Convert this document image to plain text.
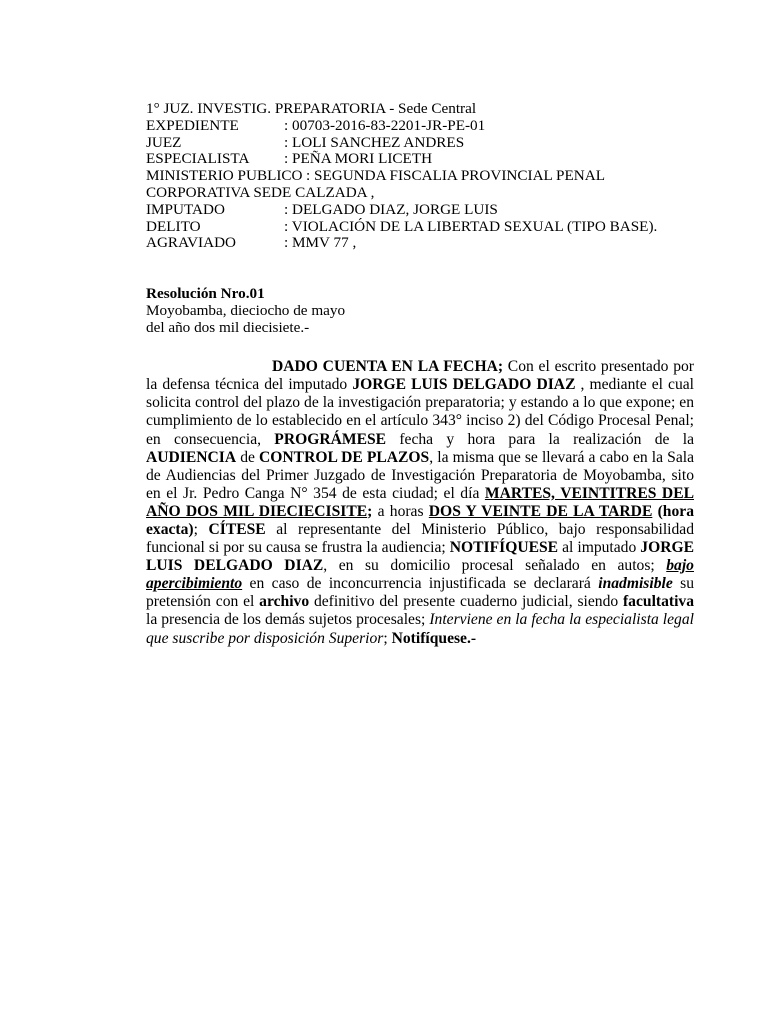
1° JUZ. INVESTIG. PREPARATORIA - Sede Central
EXPEDIENTE	: 00703-2016-83-2201-JR-PE-01
JUEZ	: LOLI SANCHEZ ANDRES
ESPECIALISTA	: PEÑA MORI LICETH
MINISTERIO PUBLICO : SEGUNDA FISCALIA PROVINCIAL PENAL CORPORATIVA SEDE CALZADA ,
IMPUTADO	: DELGADO DIAZ, JORGE LUIS
DELITO	: VIOLACIÓN DE LA LIBERTAD SEXUAL (TIPO BASE).
AGRAVIADO	: MMV 77 ,
Resolución Nro.01
Moyobamba, dieciocho de mayo
del año dos mil diecisiete.-
DADO CUENTA EN LA FECHA; Con el escrito presentado por la defensa técnica del imputado JORGE LUIS DELGADO DIAZ , mediante el cual solicita control del plazo de la investigación preparatoria; y estando a lo que expone; en cumplimiento de lo establecido en el artículo 343° inciso 2) del Código Procesal Penal; en consecuencia, PROGRÁMESE fecha y hora para la realización de la AUDIENCIA de CONTROL DE PLAZOS, la misma que se llevará a cabo en la Sala de Audiencias del Primer Juzgado de Investigación Preparatoria de Moyobamba, sito en el Jr. Pedro Canga N° 354 de esta ciudad; el día MARTES, VEINTITRES DEL AÑO DOS MIL DIECIECISITE; a horas DOS Y VEINTE DE LA TARDE (hora exacta); CÍTESE al representante del Ministerio Público, bajo responsabilidad funcional si por su causa se frustra la audiencia; NOTIFÍQUESE al imputado JORGE LUIS DELGADO DIAZ, en su domicilio procesal señalado en autos; bajo apercibimiento en caso de inconcurrencia injustificada se declarará inadmisible su pretensión con el archivo definitivo del presente cuaderno judicial, siendo facultativa la presencia de los demás sujetos procesales; Interviene en la fecha la especialista legal que suscribe por disposición Superior; Notifíquese.-
